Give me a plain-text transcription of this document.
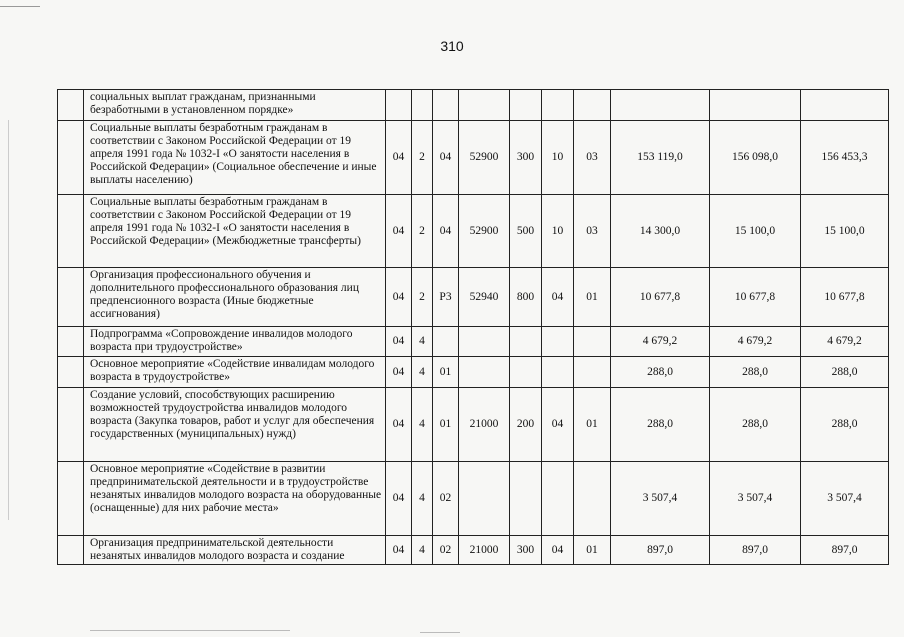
310
	социальных выплат гражданам, признанными безработными в установленном порядке»										
	Социальные выплаты безработным гражданам в соответствии с Законом Российской Федерации от 19 апреля 1991 года № 1032-I «О занятости населения в Российской Федерации» (Социальное обеспечение и иные выплаты населению)	04	2	04	52900	300	10	03	153 119,0	156 098,0	156 453,3
	Социальные выплаты безработным гражданам в соответствии с Законом Российской Федерации от 19 апреля 1991 года № 1032-I «О занятости населения в Российской Федерации» (Межбюджетные трансферты)	04	2	04	52900	500	10	03	14 300,0	15 100,0	15 100,0
	Организация профессионального обучения и дополнительного профессионального образования лиц предпенсионного возраста (Иные бюджетные ассигнования)	04	2	P3	52940	800	04	01	10 677,8	10 677,8	10 677,8
	Подпрограмма «Сопровождение инвалидов молодого возраста при трудоустройстве»	04	4						4 679,2	4 679,2	4 679,2
	Основное мероприятие «Содействие инвалидам молодого возраста в трудоустройстве»	04	4	01					288,0	288,0	288,0
	Создание условий, способствующих расширению возможностей трудоустройства инвалидов молодого возраста (Закупка товаров, работ и услуг для обеспечения государственных (муниципальных) нужд)	04	4	01	21000	200	04	01	288,0	288,0	288,0
	Основное мероприятие «Содействие в развитии предпринимательской деятельности и в трудоустройстве незанятых инвалидов молодого возраста на оборудованные (оснащенные) для них рабочие места»	04	4	02					3 507,4	3 507,4	3 507,4
	Организация предпринимательской деятельности незанятых инвалидов молодого возраста и создание	04	4	02	21000	300	04	01	897,0	897,0	897,0
